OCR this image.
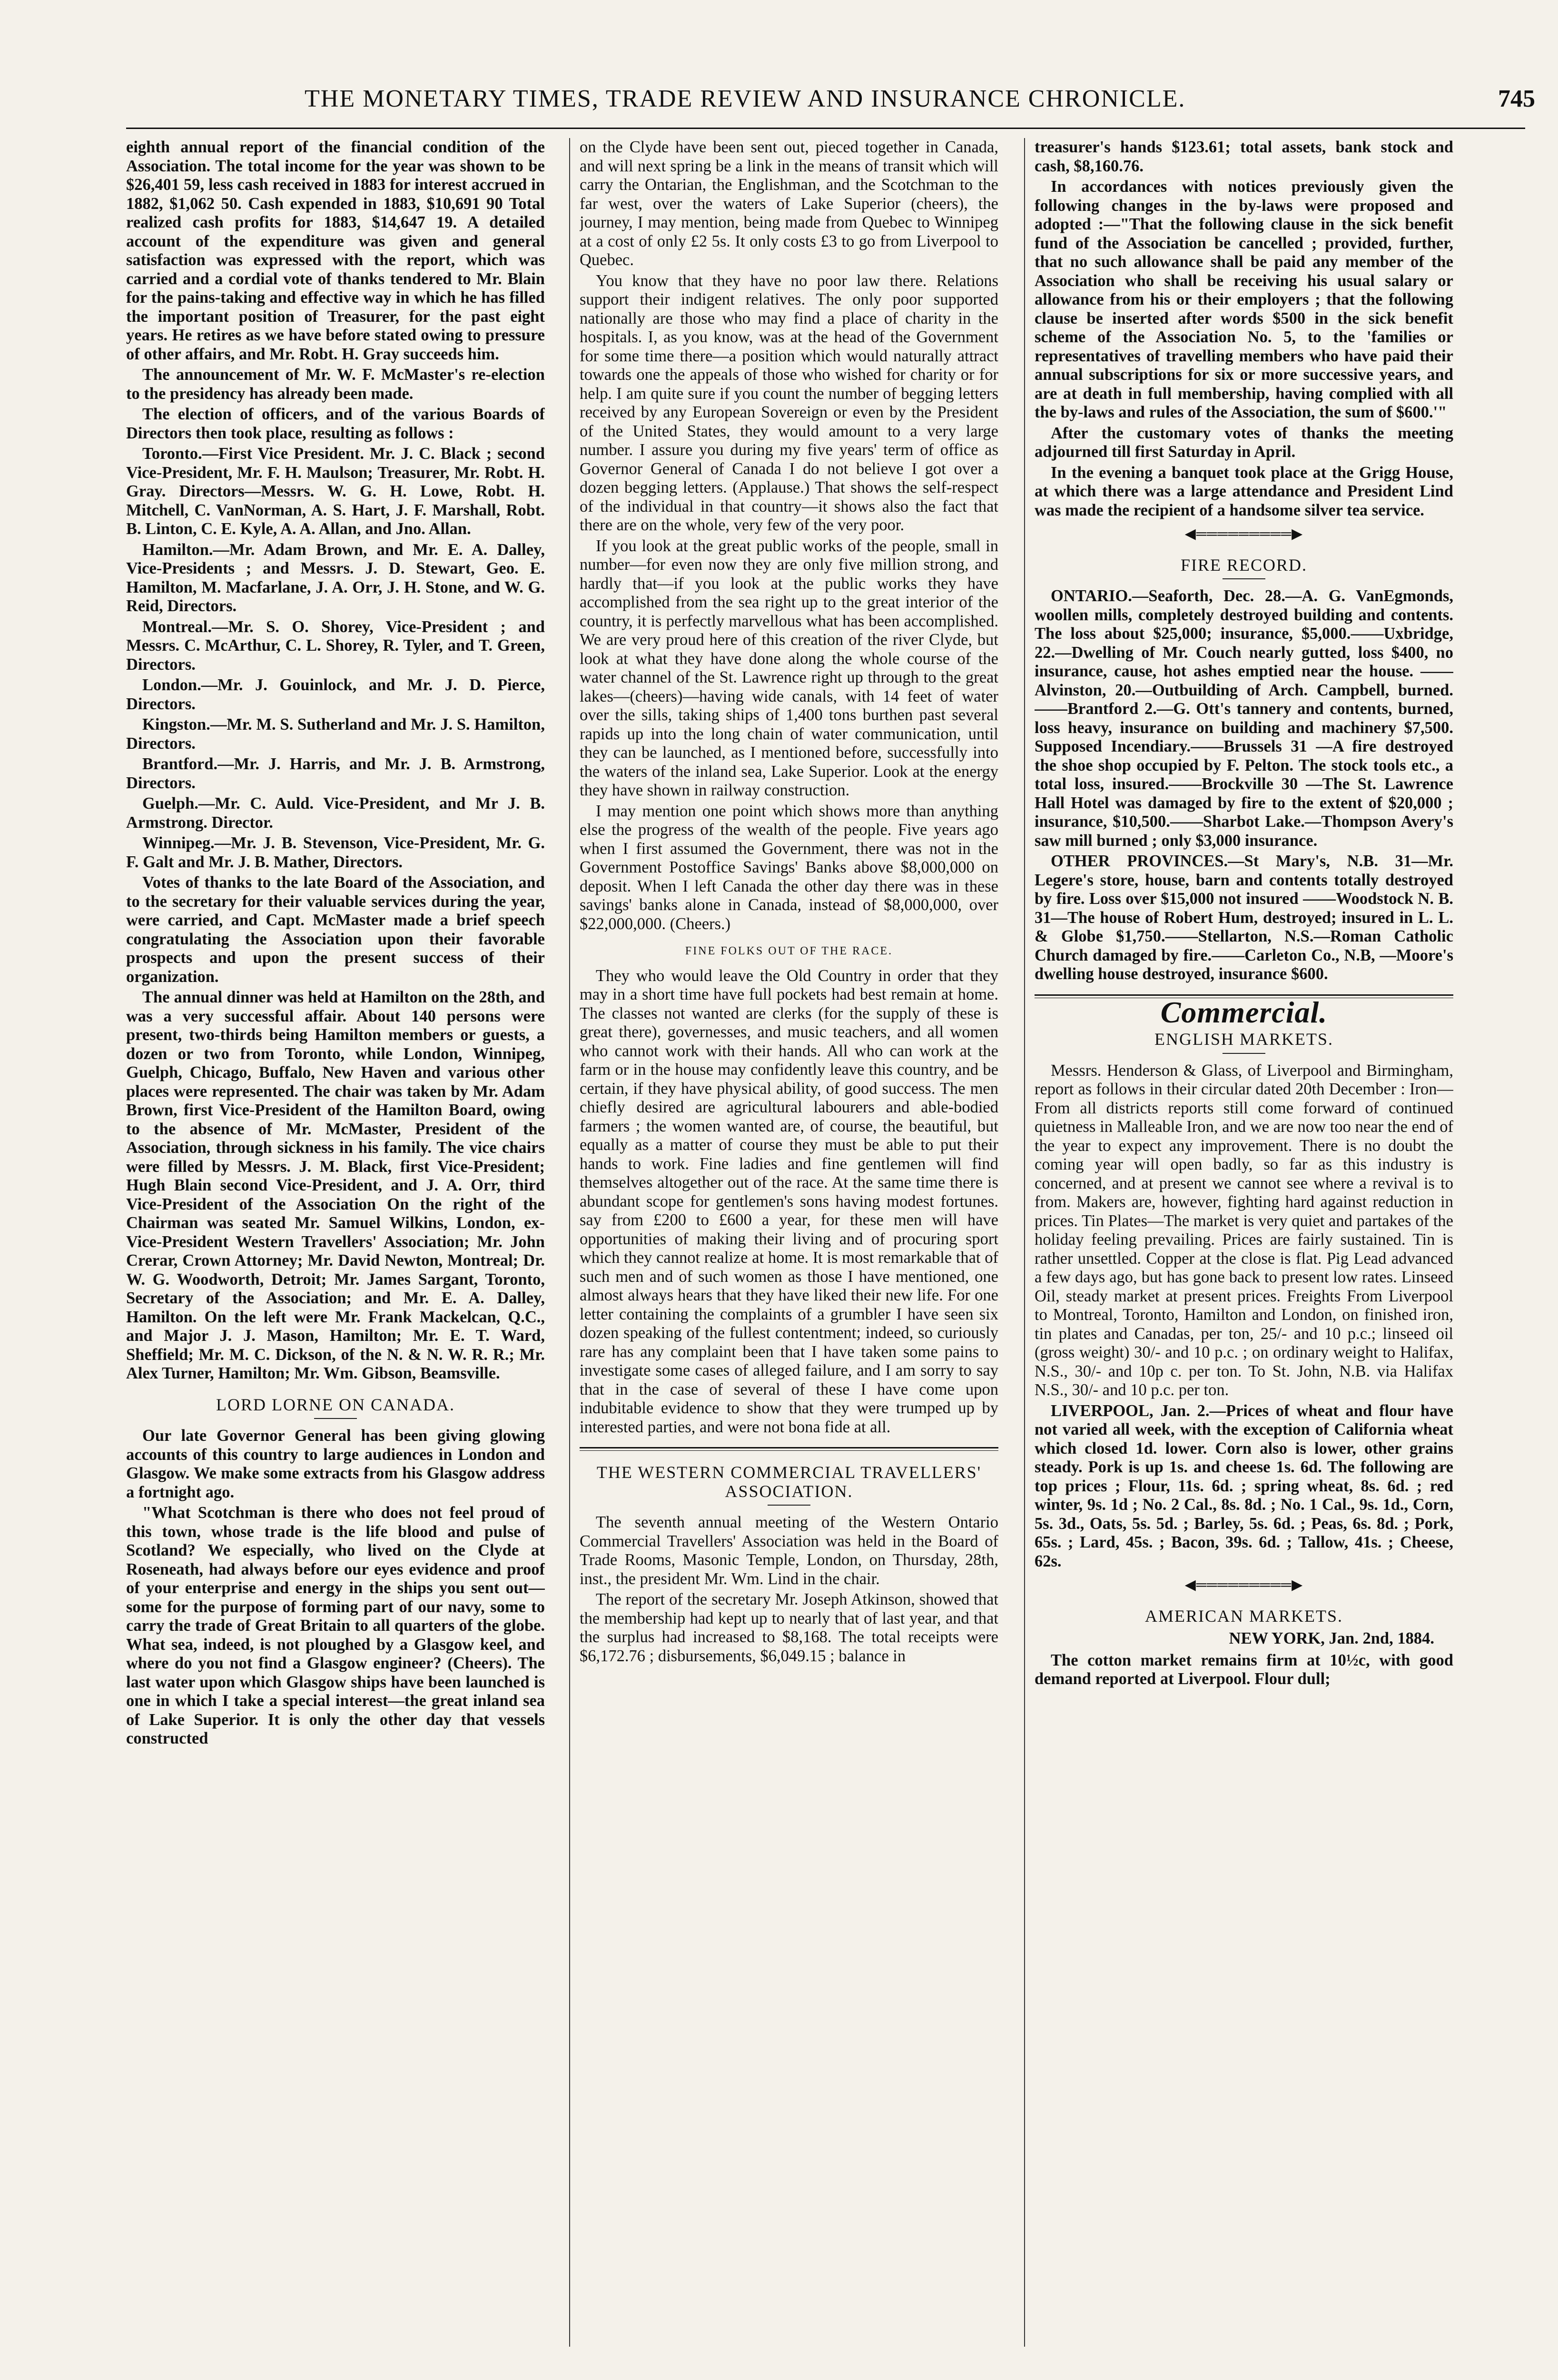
THE MONETARY TIMES, TRADE REVIEW AND INSURANCE CHRONICLE.	745

eighth annual report of the financial condition of the Association. The total income for the year was shown to be $26,401 59, less cash received in 1883 for interest accrued in 1882, $1,062 50. Cash expended in 1883, $10,691 90 Total realized cash profits for 1883, $14,647 19. A detailed account of the expenditure was given and general satisfaction was expressed with the report, which was carried and a cordial vote of thanks tendered to Mr. Blain for the pains-taking and effective way in which he has filled the important position of Treasurer, for the past eight years. He retires as we have before stated owing to pressure of other affairs, and Mr. Robt. H. Gray succeeds him.

The announcement of Mr. W. F. McMaster's re-election to the presidency has already been made.

The election of officers, and of the various Boards of Directors then took place, resulting as follows :

Toronto.—First Vice President. Mr. J. C. Black ; second Vice-President, Mr. F. H. Maulson; Treasurer, Mr. Robt. H. Gray. Directors—Messrs. W. G. H. Lowe, Robt. H. Mitchell, C. VanNorman, A. S. Hart, J. F. Marshall, Robt. B. Linton, C. E. Kyle, A. A. Allan, and Jno. Allan.

Hamilton.—Mr. Adam Brown, and Mr. E. A. Dalley, Vice-Presidents ; and Messrs. J. D. Stewart, Geo. E. Hamilton, M. Macfarlane, J. A. Orr, J. H. Stone, and W. G. Reid, Directors.

Montreal.—Mr. S. O. Shorey, Vice-President ; and Messrs. C. McArthur, C. L. Shorey, R. Tyler, and T. Green, Directors.

London.—Mr. J. Gouinlock, and Mr. J. D. Pierce, Directors.

Kingston.—Mr. M. S. Sutherland and Mr. J. S. Hamilton, Directors.

Brantford.—Mr. J. Harris, and Mr. J. B. Armstrong, Directors.

Guelph.—Mr. C. Auld. Vice-President, and Mr J. B. Armstrong. Director.

Winnipeg.—Mr. J. B. Stevenson, Vice-President, Mr. G. F. Galt and Mr. J. B. Mather, Directors.

Votes of thanks to the late Board of the Association, and to the secretary for their valuable services during the year, were carried, and Capt. McMaster made a brief speech congratulating the Association upon their favorable prospects and upon the present success of their organization.

The annual dinner was held at Hamilton on the 28th, and was a very successful affair. About 140 persons were present, two-thirds being Hamilton members or guests, a dozen or two from Toronto, while London, Winnipeg, Guelph, Chicago, Buffalo, New Haven and various other places were represented. The chair was taken by Mr. Adam Brown, first Vice-President of the Hamilton Board, owing to the absence of Mr. McMaster, President of the Association, through sickness in his family. The vice chairs were filled by Messrs. J. M. Black, first Vice-President; Hugh Blain second Vice-President, and J. A. Orr, third Vice-President of the Association On the right of the Chairman was seated Mr. Samuel Wilkins, London, ex-Vice-President Western Travellers' Association; Mr. John Crerar, Crown Attorney; Mr. David Newton, Montreal; Dr. W. G. Woodworth, Detroit; Mr. James Sargant, Toronto, Secretary of the Association; and Mr. E. A. Dalley, Hamilton. On the left were Mr. Frank Mackelcan, Q.C., and Major J. J. Mason, Hamilton; Mr. E. T. Ward, Sheffield; Mr. M. C. Dickson, of the N. & N. W. R. R.; Mr. Alex Turner, Hamilton; Mr. Wm. Gibson, Beamsville.

LORD LORNE ON CANADA.

Our late Governor General has been giving glowing accounts of this country to large audiences in London and Glasgow. We make some extracts from his Glasgow address a fortnight ago.

"What Scotchman is there who does not feel proud of this town, whose trade is the life blood and pulse of Scotland? We especially, who lived on the Clyde at Roseneath, had always before our eyes evidence and proof of your enterprise and energy in the ships you sent out—some for the purpose of forming part of our navy, some to carry the trade of Great Britain to all quarters of the globe. What sea, indeed, is not ploughed by a Glasgow keel, and where do you not find a Glasgow engineer? (Cheers). The last water upon which Glasgow ships have been launched is one in which I take a special interest—the great inland sea of Lake Superior. It is only the other day that vessels constructed

on the Clyde have been sent out, pieced together in Canada, and will next spring be a link in the means of transit which will carry the Ontarian, the Englishman, and the Scotchman to the far west, over the waters of Lake Superior (cheers), the journey, I may mention, being made from Quebec to Winnipeg at a cost of only £2 5s. It only costs £3 to go from Liverpool to Quebec.

You know that they have no poor law there. Relations support their indigent relatives. The only poor supported nationally are those who may find a place of charity in the hospitals. I, as you know, was at the head of the Government for some time there—a position which would naturally attract towards one the appeals of those who wished for charity or for help. I am quite sure if you count the number of begging letters received by any European Sovereign or even by the President of the United States, they would amount to a very large number. I assure you during my five years' term of office as Governor General of Canada I do not believe I got over a dozen begging letters. (Applause.) That shows the self-respect of the individual in that country—it shows also the fact that there are on the whole, very few of the very poor.

If you look at the great public works of the people, small in number—for even now they are only five million strong, and hardly that—if you look at the public works they have accomplished from the sea right up to the great interior of the country, it is perfectly marvellous what has been accomplished. We are very proud here of this creation of the river Clyde, but look at what they have done along the whole course of the water channel of the St. Lawrence right up through to the great lakes—(cheers)—having wide canals, with 14 feet of water over the sills, taking ships of 1,400 tons burthen past several rapids up into the long chain of water communication, until they can be launched, as I mentioned before, successfully into the waters of the inland sea, Lake Superior. Look at the energy they have shown in railway construction.

I may mention one point which shows more than anything else the progress of the wealth of the people. Five years ago when I first assumed the Government, there was not in the Government Postoffice Savings' Banks above $8,000,000 on deposit. When I left Canada the other day there was in these savings' banks alone in Canada, instead of $8,000,000, over $22,000,000. (Cheers.)

FINE FOLKS OUT OF THE RACE.

They who would leave the Old Country in order that they may in a short time have full pockets had best remain at home. The classes not wanted are clerks (for the supply of these is great there), governesses, and music teachers, and all women who cannot work with their hands. All who can work at the farm or in the house may confidently leave this country, and be certain, if they have physical ability, of good success. The men chiefly desired are agricultural labourers and able-bodied farmers ; the women wanted are, of course, the beautiful, but equally as a matter of course they must be able to put their hands to work. Fine ladies and fine gentlemen will find themselves altogether out of the race. At the same time there is abundant scope for gentlemen's sons having modest fortunes. say from £200 to £600 a year, for these men will have opportunities of making their living and of procuring sport which they cannot realize at home. It is most remarkable that of such men and of such women as those I have mentioned, one almost always hears that they have liked their new life. For one letter containing the complaints of a grumbler I have seen six dozen speaking of the fullest contentment; indeed, so curiously rare has any complaint been that I have taken some pains to investigate some cases of alleged failure, and I am sorry to say that in the case of several of these I have come upon indubitable evidence to show that they were trumped up by interested parties, and were not bona fide at all.

THE WESTERN COMMERCIAL TRAVELLERS' ASSOCIATION.

The seventh annual meeting of the Western Ontario Commercial Travellers' Association was held in the Board of Trade Rooms, Masonic Temple, London, on Thursday, 28th, inst., the president Mr. Wm. Lind in the chair.

The report of the secretary Mr. Joseph Atkinson, showed that the membership had kept up to nearly that of last year, and that the surplus had increased to $8,168. The total receipts were $6,172.76 ; disbursements, $6,049.15 ; balance in

treasurer's hands $123.61; total assets, bank stock and cash, $8,160.76.

In accordances with notices previously given the following changes in the by-laws were proposed and adopted :—"That the following clause in the sick benefit fund of the Association be cancelled ; provided, further, that no such allowance shall be paid any member of the Association who shall be receiving his usual salary or allowance from his or their employers ; that the following clause be inserted after words $500 in the sick benefit scheme of the Association No. 5, to the 'families or representatives of travelling members who have paid their annual subscriptions for six or more successive years, and are at death in full membership, having complied with all the by-laws and rules of the Association, the sum of $600.'"

After the customary votes of thanks the meeting adjourned till first Saturday in April.

In the evening a banquet took place at the Grigg House, at which there was a large attendance and President Lind was made the recipient of a handsome silver tea service.

◀═════════▶
FIRE RECORD.

ONTARIO.—Seaforth, Dec. 28.—A. G. VanEgmonds, woollen mills, completely destroyed building and contents. The loss about $25,000; insurance, $5,000.——Uxbridge, 22.—Dwelling of Mr. Couch nearly gutted, loss $400, no insurance, cause, hot ashes emptied near the house. ——Alvinston, 20.—Outbuilding of Arch. Campbell, burned.——Brantford 2.—G. Ott's tannery and contents, burned, loss heavy, insurance on building and machinery $7,500. Supposed Incendiary.——Brussels 31 —A fire destroyed the shoe shop occupied by F. Pelton. The stock tools etc., a total loss, insured.——Brockville 30 —The St. Lawrence Hall Hotel was damaged by fire to the extent of $20,000 ; insurance, $10,500.——Sharbot Lake.—Thompson Avery's saw mill burned ; only $3,000 insurance.

OTHER PROVINCES.—St Mary's, N.B. 31—Mr. Legere's store, house, barn and contents totally destroyed by fire. Loss over $15,000 not insured ——Woodstock N. B. 31—The house of Robert Hum, destroyed; insured in L. L. & Globe $1,750.——Stellarton, N.S.—Roman Catholic Church damaged by fire.——Carleton Co., N.B, —Moore's dwelling house destroyed, insurance $600.

Commercial.
ENGLISH MARKETS.

Messrs. Henderson & Glass, of Liverpool and Birmingham, report as follows in their circular dated 20th December : Iron—From all districts reports still come forward of continued quietness in Malleable Iron, and we are now too near the end of the year to expect any improvement. There is no doubt the coming year will open badly, so far as this industry is concerned, and at present we cannot see where a revival is to from. Makers are, however, fighting hard against reduction in prices. Tin Plates—The market is very quiet and partakes of the holiday feeling prevailing. Prices are fairly sustained. Tin is rather unsettled. Copper at the close is flat. Pig Lead advanced a few days ago, but has gone back to present low rates. Linseed Oil, steady market at present prices. Freights From Liverpool to Montreal, Toronto, Hamilton and London, on finished iron, tin plates and Canadas, per ton, 25/- and 10 p.c.; linseed oil (gross weight) 30/- and 10 p.c. ; on ordinary weight to Halifax, N.S., 30/- and 10p c. per ton. To St. John, N.B. via Halifax N.S., 30/- and 10 p.c. per ton.

LIVERPOOL, Jan. 2.—Prices of wheat and flour have not varied all week, with the exception of California wheat which closed 1d. lower. Corn also is lower, other grains steady. Pork is up 1s. and cheese 1s. 6d. The following are top prices ; Flour, 11s. 6d. ; spring wheat, 8s. 6d. ; red winter, 9s. 1d ; No. 2 Cal., 8s. 8d. ; No. 1 Cal., 9s. 1d., Corn, 5s. 3d., Oats, 5s. 5d. ; Barley, 5s. 6d. ; Peas, 6s. 8d. ; Pork, 65s. ; Lard, 45s. ; Bacon, 39s. 6d. ; Tallow, 41s. ; Cheese, 62s.

◀═════════▶
AMERICAN MARKETS.

NEW YORK, Jan. 2nd, 1884.

The cotton market remains firm at 10½c, with good demand reported at Liverpool. Flour dull;
